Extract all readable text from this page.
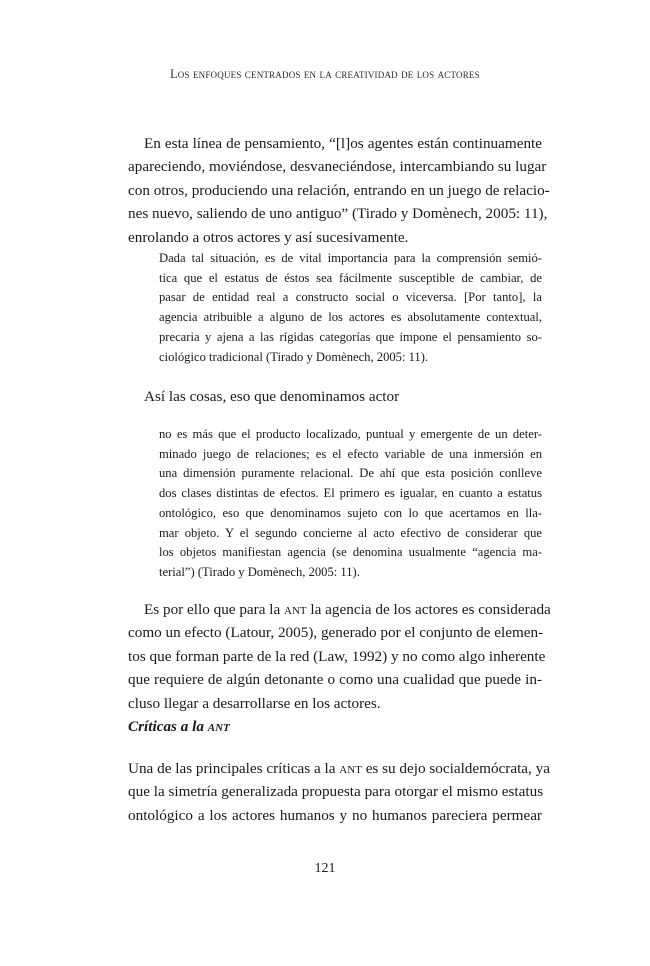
Los enfoques centrados en la creatividad de los actores
En esta línea de pensamiento, “[l]os agentes están continuamente
apareciendo, moviéndose, desvaneciéndose, intercambiando su lugar
con otros, produciendo una relación, entrando en un juego de relacio-
nes nuevo, saliendo de uno antiguo” (Tirado y Domènech, 2005: 11),
enrolando a otros actores y así sucesivamente.
Dada tal situación, es de vital importancia para la comprensión semió-
tica que el estatus de éstos sea fácilmente susceptible de cambiar, de
pasar de entidad real a constructo social o viceversa. [Por tanto], la
agencia atribuible a alguno de los actores es absolutamente contextual,
precaria y ajena a las rígidas categorías que impone el pensamiento so-
ciológico tradicional (Tirado y Domènech, 2005: 11).
Así las cosas, eso que denominamos actor
no es más que el producto localizado, puntual y emergente de un deter-
minado juego de relaciones; es el efecto variable de una inmersión en
una dimensión puramente relacional. De ahí que esta posición conlleve
dos clases distintas de efectos. El primero es igualar, en cuanto a estatus
ontológico, eso que denominamos sujeto con lo que acertamos en lla-
mar objeto. Y el segundo concierne al acto efectivo de considerar que
los objetos manifiestan agencia (se denomina usualmente “agencia ma-
terial”) (Tirado y Domènech, 2005: 11).
Es por ello que para la ant la agencia de los actores es considerada
como un efecto (Latour, 2005), generado por el conjunto de elemen-
tos que forman parte de la red (Law, 1992) y no como algo inherente
que requiere de algún detonante o como una cualidad que puede in-
cluso llegar a desarrollarse en los actores.
Críticas a la ant
Una de las principales críticas a la ant es su dejo socialdemócrata, ya
que la simetría generalizada propuesta para otorgar el mismo estatus
ontológico a los actores humanos y no humanos pareciera permear
121
